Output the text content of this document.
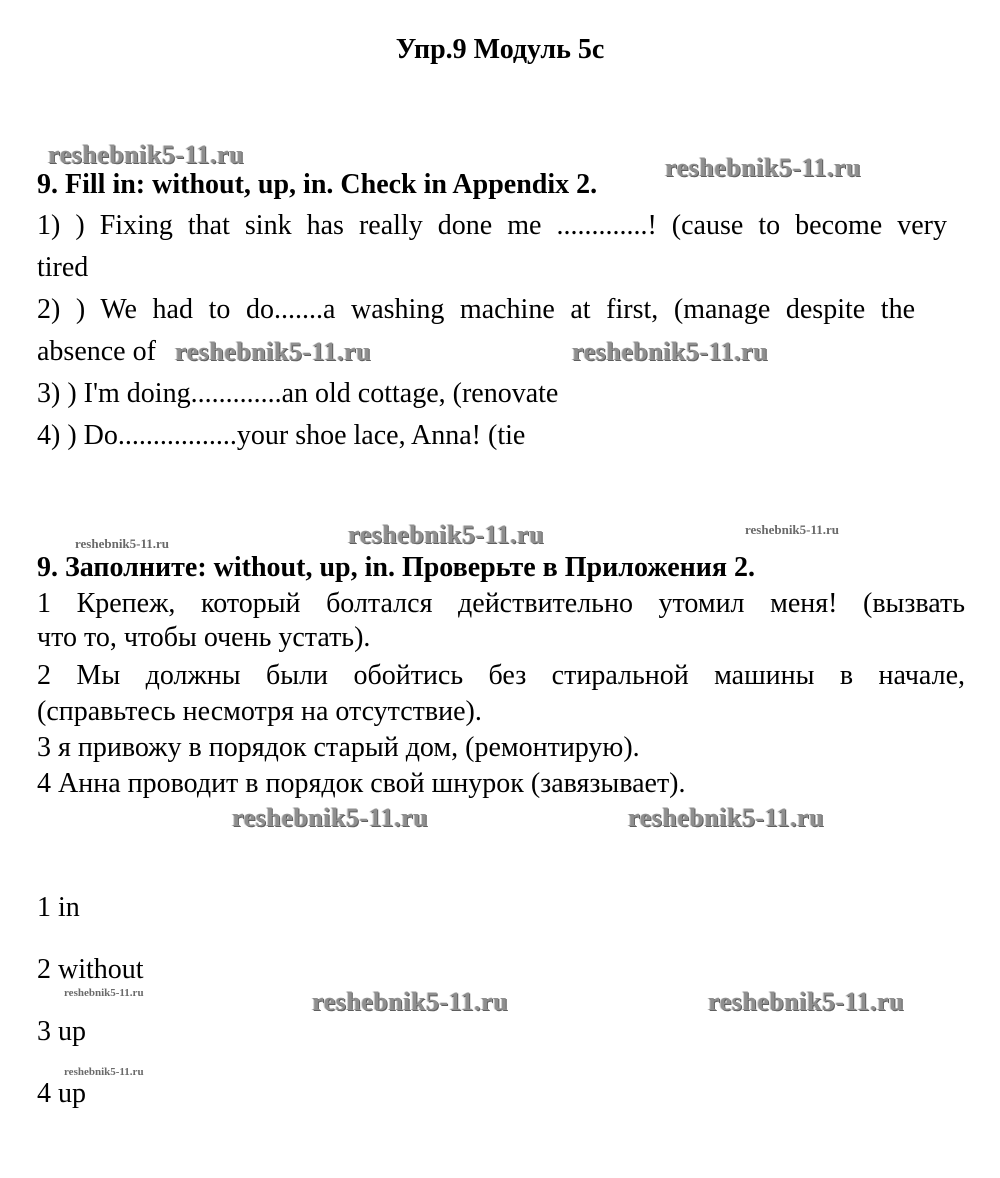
Упр.9 Модуль 5с
reshebnik5-11.ru	reshebnik5-11.ru
9. Fill in: without, up, in. Check in Appendix 2.
1) ) Fixing that sink has really done me .............! (cause to become very
tired
2) ) We had to do.......a washing machine at first, (manage despite the
absence of reshebnik5-11.ru	reshebnik5-11.ru
3) ) I'm doing.............an old cottage, (renovate
4) ) Do.................your shoe lace, Anna! (tie
reshebnik5-11.ru	reshebnik5-11.ru	reshebnik5-11.ru
9. Заполните: without, up, in. Проверьте в Приложения 2.
1 Крепеж, который болтался действительно утомил меня! (вызвать
что то, чтобы очень устать).
2 Мы должны были обойтись без стиральной машины в начале,
(справьтесь несмотря на отсутствие).
3 я привожу в порядок старый дом, (ремонтирую).
4 Анна проводит в порядок свой шнурок (завязывает).
reshebnik5-11.ru	reshebnik5-11.ru
1 in
2 without
reshebnik5-11.ru	reshebnik5-11.ru	reshebnik5-11.ru
3 up
reshebnik5-11.ru
4 up
